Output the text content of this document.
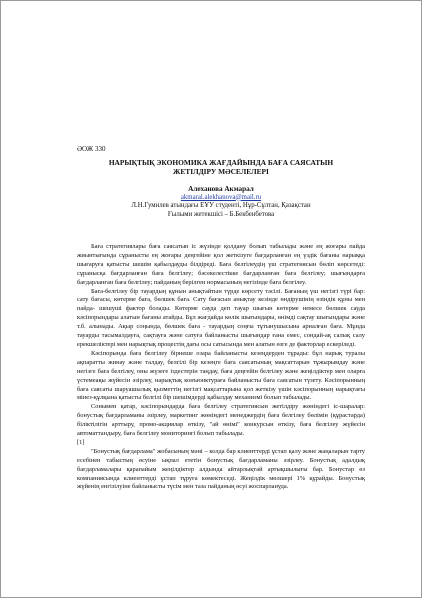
ӘОЖ 330
НАРЫҚТЫҚ ЭКОНОМИКА ЖАҒДАЙЫНДА БАҒА САЯСАТЫН
ЖЕТІЛДІРУ МӘСЕЛЕЛЕРІ
Алеханова Акмарал
akmaral.alekhanova@mail.ru
Л.Н.Гумилев атындағы ЕҰУ студенті, Нұр-Сұлтан, Қазақстан
Ғылыми жетекшісі – Б.Бекбенбетова

Баға стратегиялары баға саясатын іс жүзінде қолдану болып табылады және ең жоғары пайда жиынтығында сұранысты ең жоғары деңгейіне қол жеткізуге бағдарланған ең үздік бағаны нарыққа шығаруға қатысты шешім қабылдауды білдіреді. Баға белгілеудің үш стратегиясын бөліп көрсетеді: сұранысқа бағдарланған баға белгілеу; бәсекелестікке бағдарланған баға белгілеу; шығындарға бағдарланған баға белгілеу; пайданың берілген нормасының негізінде баға белгілеу.

Баға-белгілеу бір тауардың құнын анықтайтын түрде көрсету тәсілі. Бағаның үш негізгі түрі бар: сату бағасы, көтерме баға, бөлшек баға. Сату бағасын анықтау кезінде өндірушінің өзіндік құны мен пайда- шешуші фактор болады. Көтерме сауда деп тауар шығын көтерме немесе бөлшек сауда кәсіпорындары алатын бағаны атайды. Бұл жағдайда көлік шығындары, өнімді сақтау шығындары және т.б. алынады. Ақыр соңында, бөлшек баға - тауардың соңғы тұтынушысына арналған баға. Мұнда тауарды тасымалдауға, сақтауға және сатуға байланысты шығындар ғана емес, сондай-ақ салық салу ерекшеліктері мен нарықтық процестің дағы осы сатысында мен алатын өзге де факторлар ескеріледі.

Кәсіпорында баға белгілеу бірнеше озара байланысты кезеңдерден тұрады: бұл нарық туралы ақпаратты жинау және талдау, белгілі бір кезеңге баға саясатының мақсаттарын тұжырымдау және негізге баға белгілеу, оны жүзеге іздестерін таңдау, баға деңгейін белгілеу және жеңілдіктер мен оларға үстемеақы жүйесін әзірлеу, нарықтық конъюнктураға байланысты баға саясатын түзету. Кәсіпорынның баға саясаты шаруашылық қызметтің негізгі мақсаттарына қол жеткізу үшін кәсіпорынның нарықтағы мінез-құлқына қатысты белгілі бір шешімдерді қабылдау механизмі болып табылады.

Сонымен қатар, кәсіпорындарда баға белгілеу стратегиясын жетілдіру жөніндегі іс-шаралар: бонустық бағдарламаны әзірлеу, маркетинг жөніндегі менеджердің баға белгілеу бөлімін (құрастарда) біліктілігін арттыру, промо-акциялар өткізу, "ай өнімі" конкурсын өткізу, баға белгілеу жүйесін автоматтандыру, баға белгілеу мониторингі болып табылады.

[1]

"Бонустық бағдарлама" жобасының мәні – колда бар клиенттерді ұстап қалу және жаңаларын тарту есебінен табыстың өсуіне ықпал ететін бонустық бағдарламаны әзірлеу. Бонустық адалдық бағдарламалары қарапайым жеңілдіктер алдында айтарлықтай артықшылығы бар. Бонустар өз компаниясында клиенттерді ұстап тұруға көмектеседі. Жеңілдік мөлшері 1% құрайды. Бонустық жүйенің енгізілуіне байланысты түсім мен таза пайданың өсуі жоспарлануда.
